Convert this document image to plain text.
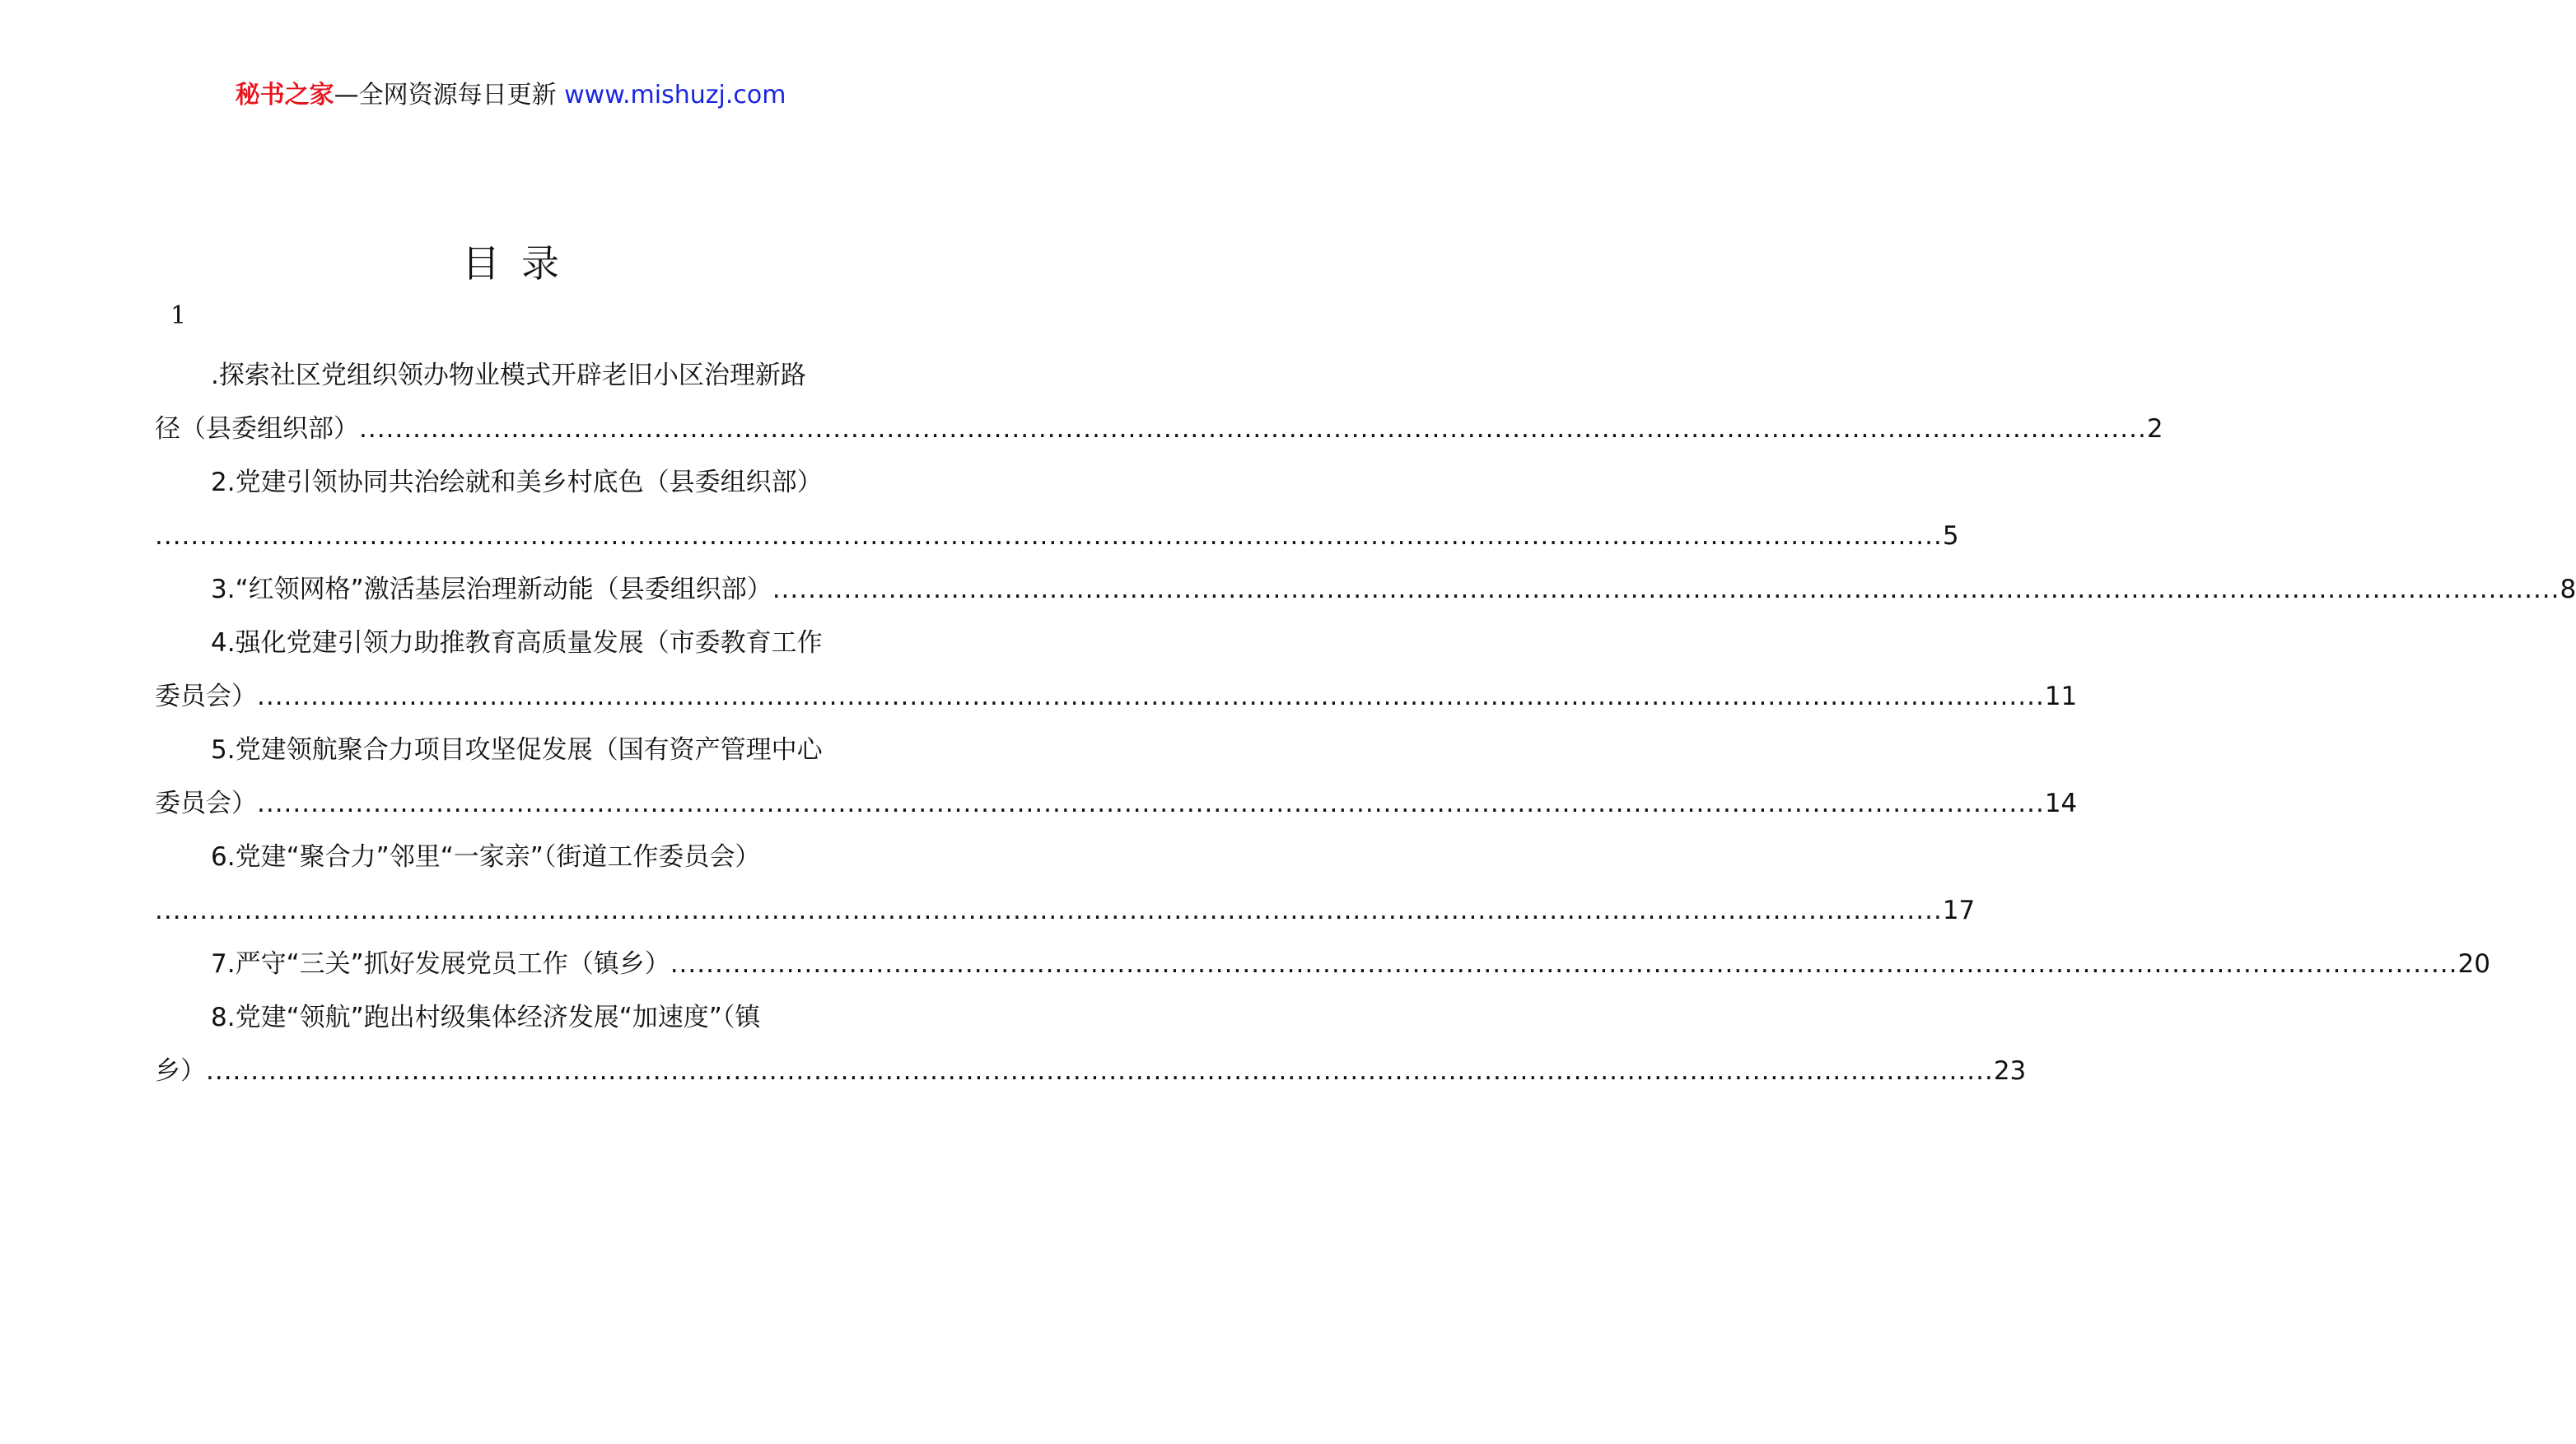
秘书之家—全网资源每日更新 www.mishuzj.com
目录
1
.探索社区党组织领办物业模式开辟老旧小区治理新路
径（县委组织部） ........................................................................................................................................................................................................ 2
2.党建引领协同共治绘就和美乡村底色（县委组织部）
........................................................................................................................................................................................................ 5
3.“红领网格”激活基层治理新动能（县委组织部） ........................................................................................................................................................................................................ 8
4.强化党建引领力助推教育高质量发展（市委教育工作
委员会） ........................................................................................................................................................................................................ 11
5.党建领航聚合力项目攻坚促发展（国有资产管理中心
委员会） ........................................................................................................................................................................................................ 14
6.党建“聚合力”邻里“一家亲”（街道工作委员会）
........................................................................................................................................................................................................ 17
7.严守“三关”抓好发展党员工作（镇乡） ........................................................................................................................................................................................................ 20
8.党建“领航”跑出村级集体经济发展“加速度”（镇
乡） ........................................................................................................................................................................................................ 23
